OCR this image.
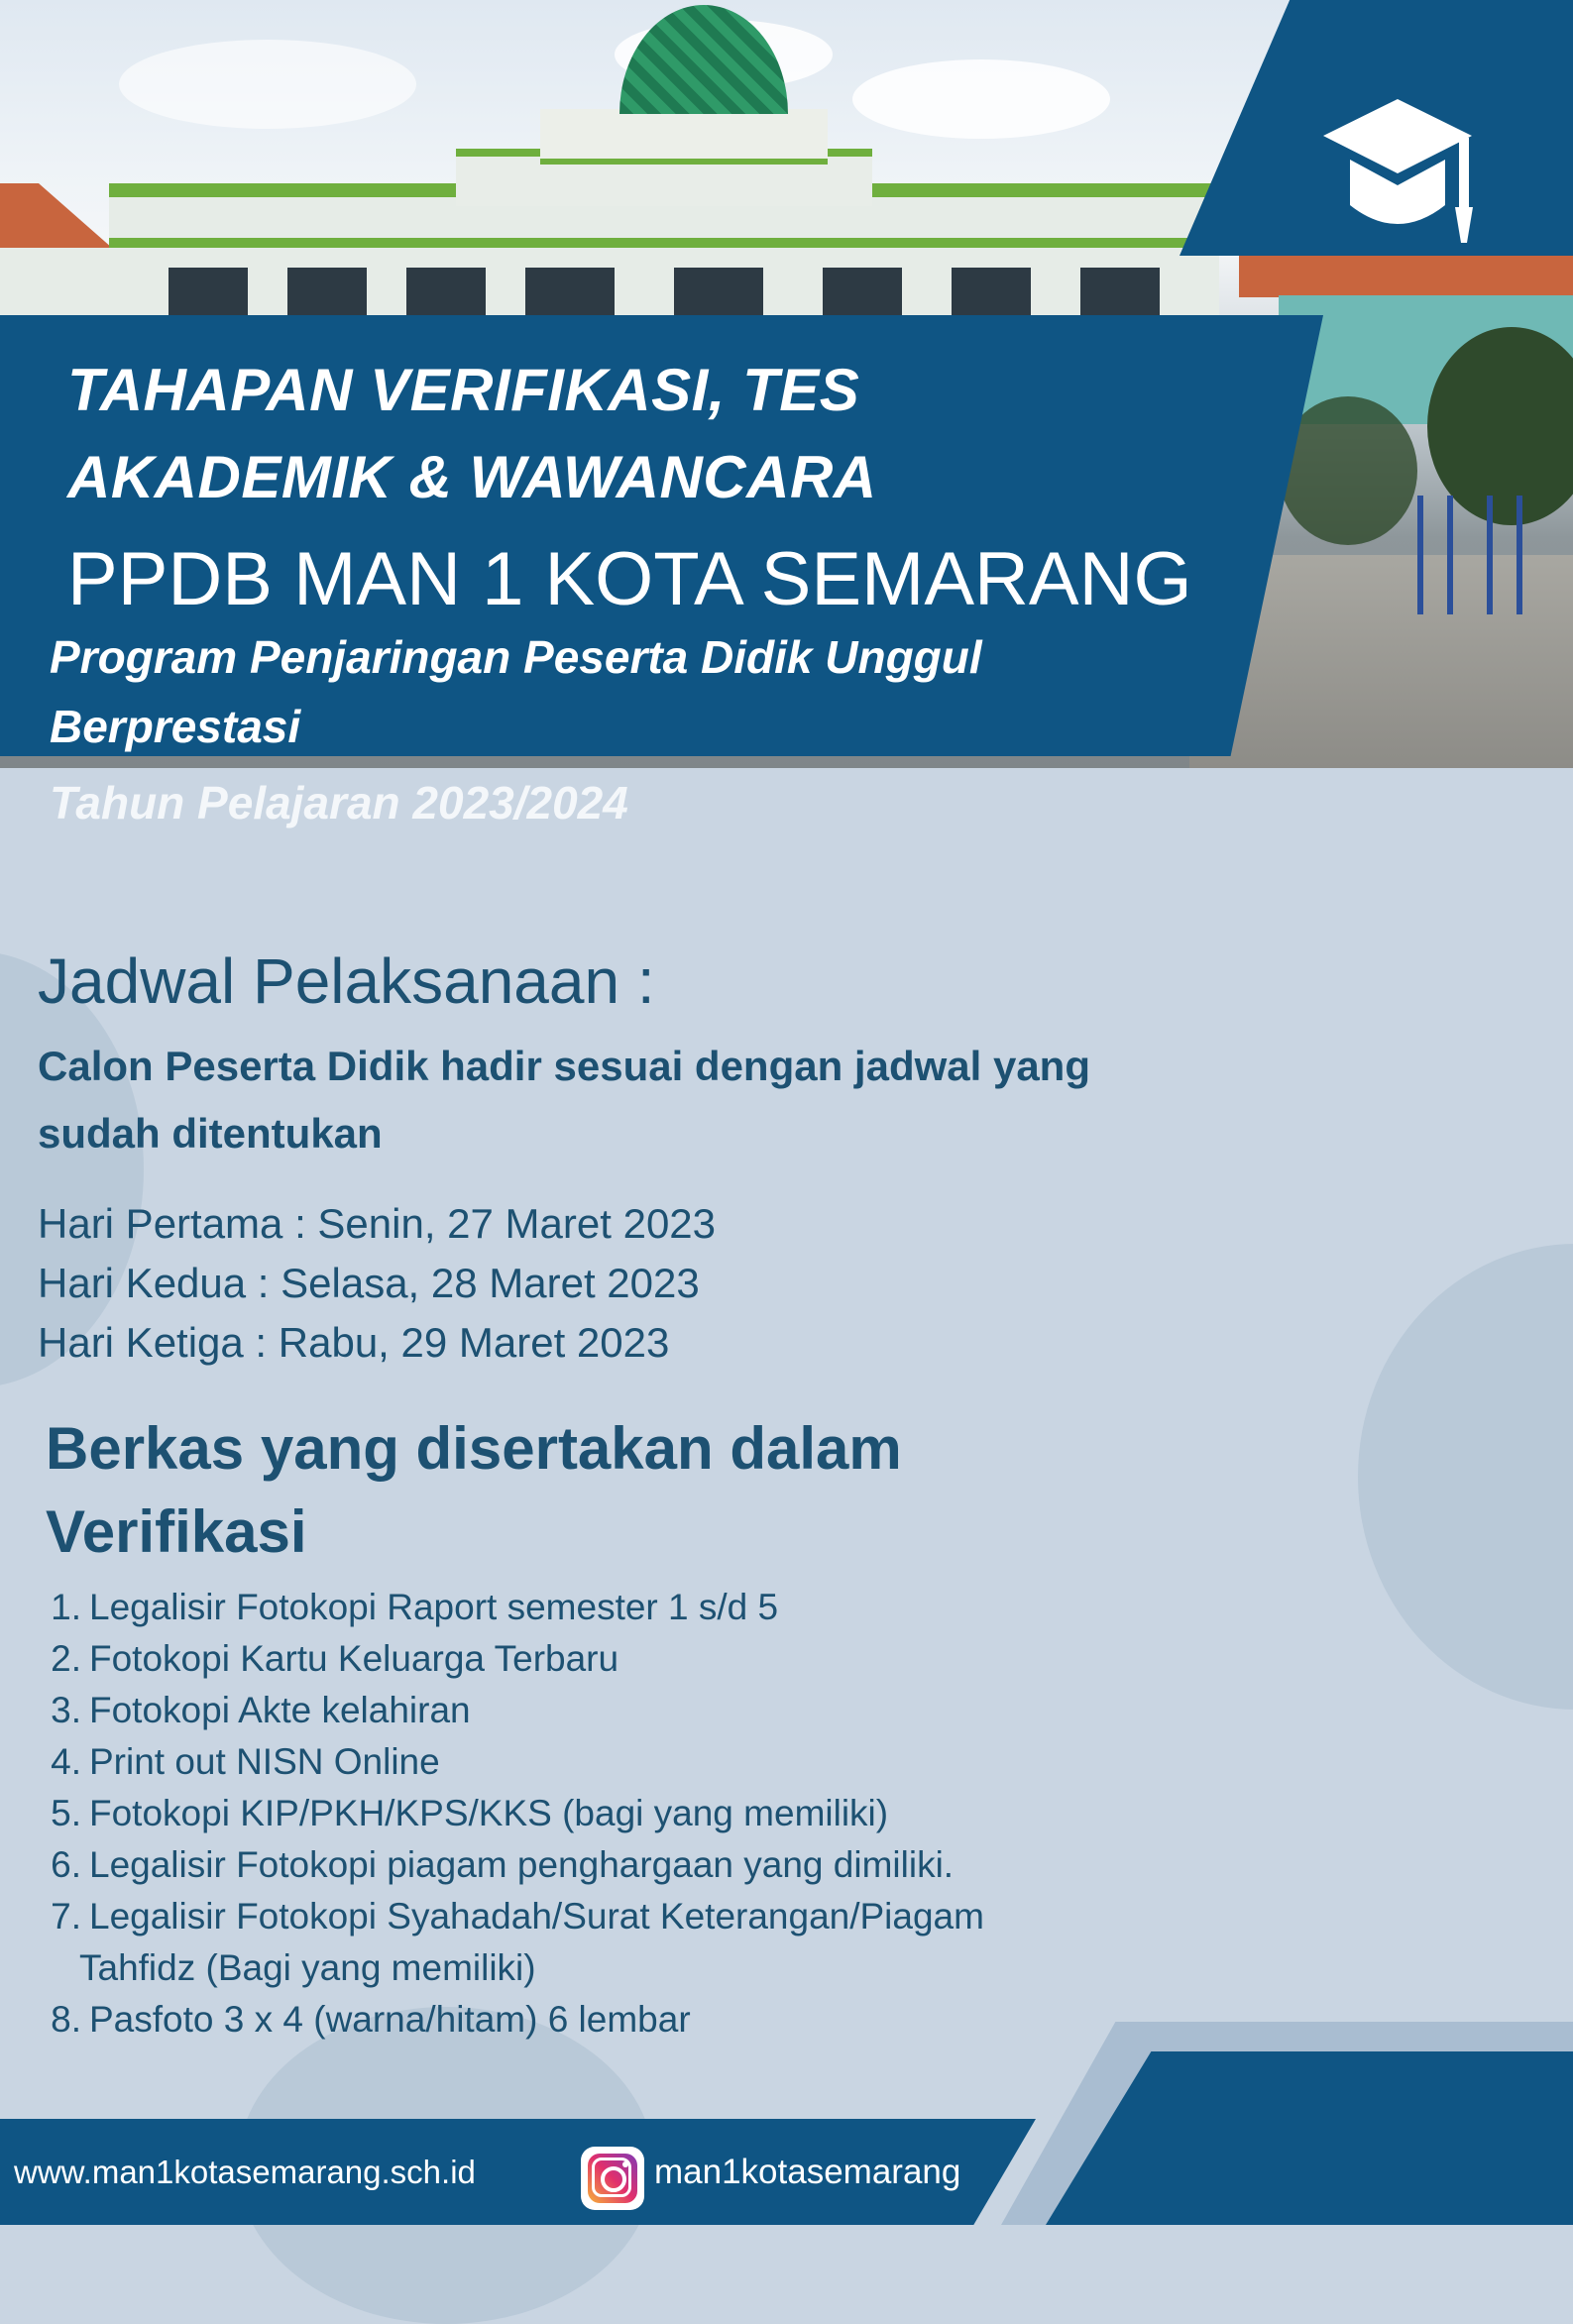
TAHAPAN VERIFIKASI, TES
AKADEMIK & WAWANCARA
PPDB MAN 1 KOTA SEMARANG
Program Penjaringan Peserta Didik Unggul Berprestasi
Tahun Pelajaran 2023/2024
Jadwal Pelaksanaan :
Calon Peserta Didik hadir sesuai dengan jadwal yang sudah ditentukan
Hari Pertama : Senin, 27 Maret 2023
Hari Kedua : Selasa, 28 Maret 2023
Hari Ketiga : Rabu, 29 Maret 2023
Berkas yang disertakan dalam Verifikasi
1. Legalisir Fotokopi Raport semester 1 s/d 5
2. Fotokopi Kartu Keluarga Terbaru
3. Fotokopi Akte kelahiran
4. Print out NISN Online
5. Fotokopi KIP/PKH/KPS/KKS (bagi yang memiliki)
6. Legalisir Fotokopi piagam penghargaan yang dimiliki.
7. Legalisir Fotokopi Syahadah/Surat Keterangan/Piagam
Tahfidz (Bagi yang memiliki)
8. Pasfoto 3 x 4 (warna/hitam) 6 lembar
www.man1kotasemarang.sch.id	man1kotasemarang
